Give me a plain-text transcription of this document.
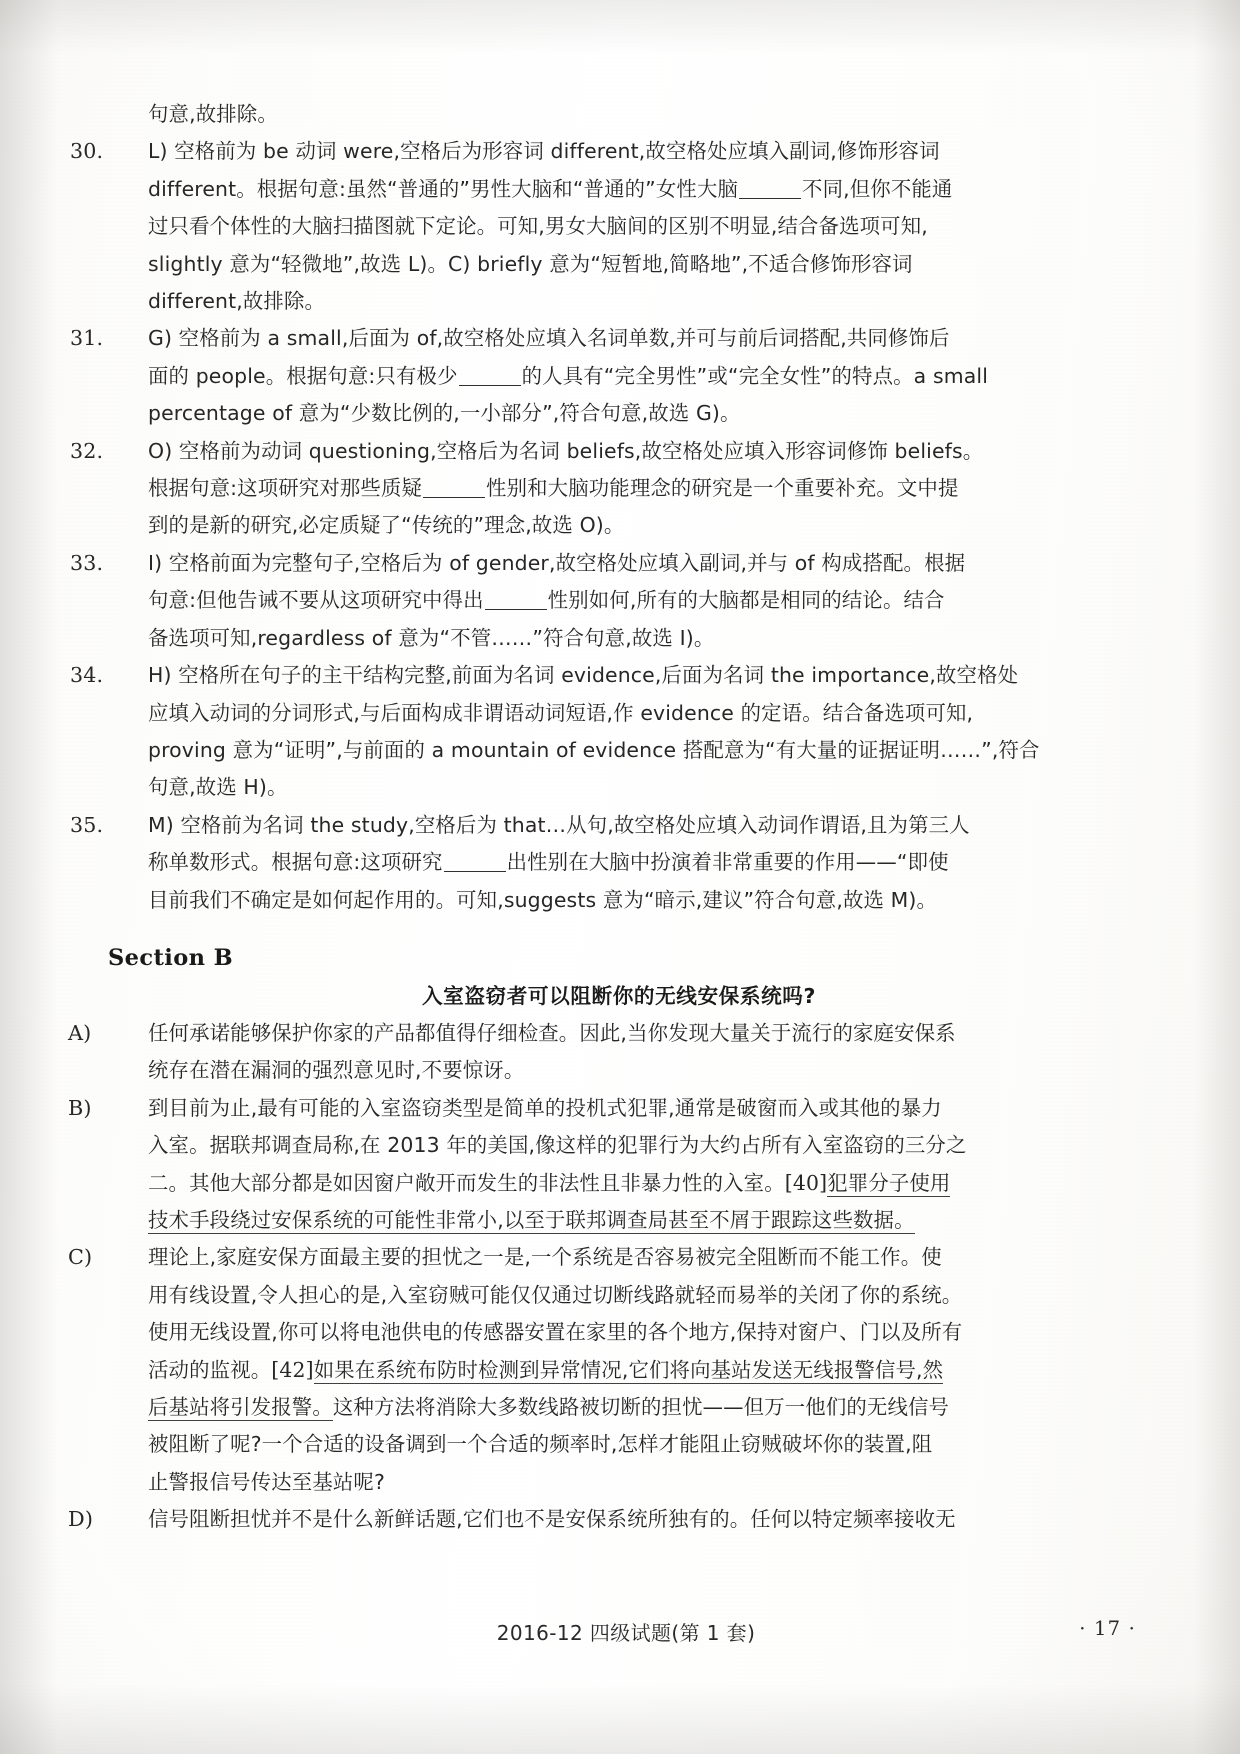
句意,故排除。
30. L) 空格前为 be 动词 were,空格后为形容词 different,故空格处应填入副词,修饰形容词
different。根据句意:虽然“普通的”男性大脑和“普通的”女性大脑	不同,但你不能通
过只看个体性的大脑扫描图就下定论。可知,男女大脑间的区别不明显,结合备选项可知,
slightly 意为“轻微地”,故选 L)。C) briefly 意为“短暂地,简略地”,不适合修饰形容词
different,故排除。
31. G) 空格前为 a small,后面为 of,故空格处应填入名词单数,并可与前后词搭配,共同修饰后
面的 people。根据句意:只有极少	的人具有“完全男性”或“完全女性”的特点。a small
percentage of 意为“少数比例的,一小部分”,符合句意,故选 G)。
32. O) 空格前为动词 questioning,空格后为名词 beliefs,故空格处应填入形容词修饰 beliefs。
根据句意:这项研究对那些质疑	性别和大脑功能理念的研究是一个重要补充。文中提
到的是新的研究,必定质疑了“传统的”理念,故选 O)。
33. I) 空格前面为完整句子,空格后为 of gender,故空格处应填入副词,并与 of 构成搭配。根据
句意:但他告诫不要从这项研究中得出	性别如何,所有的大脑都是相同的结论。结合
备选项可知,regardless of 意为“不管……”符合句意,故选 I)。
34. H) 空格所在句子的主干结构完整,前面为名词 evidence,后面为名词 the importance,故空格处
应填入动词的分词形式,与后面构成非谓语动词短语,作 evidence 的定语。结合备选项可知,
proving 意为“证明”,与前面的 a mountain of evidence 搭配意为“有大量的证据证明……”,符合
句意,故选 H)。
35. M) 空格前为名词 the study,空格后为 that…从句,故空格处应填入动词作谓语,且为第三人
称单数形式。根据句意:这项研究	出性别在大脑中扮演着非常重要的作用——“即使
目前我们不确定是如何起作用的。可知,suggests 意为“暗示,建议”符合句意,故选 M)。
Section B
入室盗窃者可以阻断你的无线安保系统吗?
A)	任何承诺能够保护你家的产品都值得仔细检查。因此,当你发现大量关于流行的家庭安保系
统存在潜在漏洞的强烈意见时,不要惊讶。
B)	到目前为止,最有可能的入室盗窃类型是简单的投机式犯罪,通常是破窗而入或其他的暴力
入室。据联邦调查局称,在 2013 年的美国,像这样的犯罪行为大约占所有入室盗窃的三分之
二。其他大部分都是如因窗户敞开而发生的非法性且非暴力性的入室。[40]犯罪分子使用
技术手段绕过安保系统的可能性非常小,以至于联邦调查局甚至不屑于跟踪这些数据。
C)	理论上,家庭安保方面最主要的担忧之一是,一个系统是否容易被完全阻断而不能工作。使
用有线设置,令人担心的是,入室窃贼可能仅仅通过切断线路就轻而易举的关闭了你的系统。
使用无线设置,你可以将电池供电的传感器安置在家里的各个地方,保持对窗户、门以及所有
活动的监视。[42]如果在系统布防时检测到异常情况,它们将向基站发送无线报警信号,然
后基站将引发报警。这种方法将消除大多数线路被切断的担忧——但万一他们的无线信号
被阻断了呢?一个合适的设备调到一个合适的频率时,怎样才能阻止窃贼破坏你的装置,阻
止警报信号传达至基站呢?
D)	信号阻断担忧并不是什么新鲜话题,它们也不是安保系统所独有的。任何以特定频率接收无
2016-12 四级试题(第 1 套)	· 17 ·
